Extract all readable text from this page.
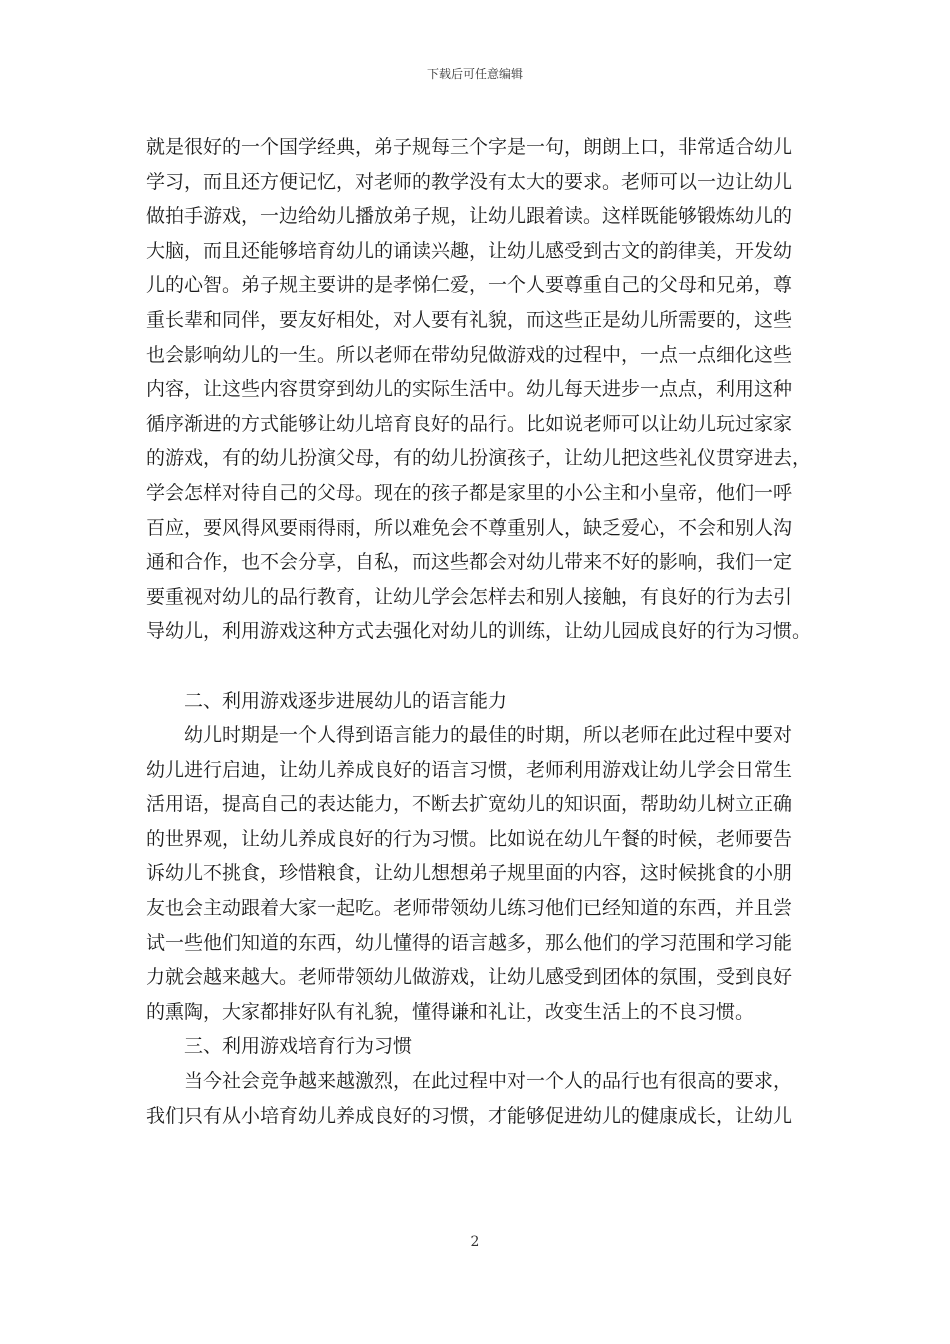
下载后可任意编辑
就是很好的一个国学经典，弟子规每三个字是一句，朗朗上口，非常适合幼儿
学习，而且还方便记忆，对老师的教学没有太大的要求。老师可以一边让幼儿
做拍手游戏，一边给幼儿播放弟子规，让幼儿跟着读。这样既能够锻炼幼儿的
大脑，而且还能够培育幼儿的诵读兴趣，让幼儿感受到古文的韵律美，开发幼
儿的心智。弟子规主要讲的是孝悌仁爱，一个人要尊重自己的父母和兄弟，尊
重长辈和同伴，要友好相处，对人要有礼貌，而这些正是幼儿所需要的，这些
也会影响幼儿的一生。所以老师在带幼兒做游戏的过程中，一点一点细化这些
内容，让这些内容贯穿到幼儿的实际生活中。幼儿每天进步一点点，利用这种
循序渐进的方式能够让幼儿培育良好的品行。比如说老师可以让幼儿玩过家家
的游戏，有的幼儿扮演父母，有的幼儿扮演孩子，让幼儿把这些礼仪贯穿进去，
学会怎样对待自己的父母。现在的孩子都是家里的小公主和小皇帝，他们一呼
百应，要风得风要雨得雨，所以难免会不尊重别人，缺乏爱心，不会和别人沟
通和合作，也不会分享，自私，而这些都会对幼儿带来不好的影响，我们一定
要重视对幼儿的品行教育，让幼儿学会怎样去和别人接触，有良好的行为去引
导幼儿，利用游戏这种方式去强化对幼儿的训练，让幼儿园成良好的行为习惯。
二、利用游戏逐步进展幼儿的语言能力
幼儿时期是一个人得到语言能力的最佳的时期，所以老师在此过程中要对
幼儿进行启迪，让幼儿养成良好的语言习惯，老师利用游戏让幼儿学会日常生
活用语，提高自己的表达能力，不断去扩宽幼儿的知识面，帮助幼儿树立正确
的世界观，让幼儿养成良好的行为习惯。比如说在幼儿午餐的时候，老师要告
诉幼儿不挑食，珍惜粮食，让幼儿想想弟子规里面的内容，这时候挑食的小朋
友也会主动跟着大家一起吃。老师带领幼儿练习他们已经知道的东西，并且尝
试一些他们知道的东西，幼儿懂得的语言越多，那么他们的学习范围和学习能
力就会越来越大。老师带领幼儿做游戏，让幼儿感受到团体的氛围，受到良好
的熏陶，大家都排好队有礼貌，懂得谦和礼让，改变生活上的不良习惯。
三、利用游戏培育行为习惯
当今社会竞争越来越激烈，在此过程中对一个人的品行也有很高的要求，
我们只有从小培育幼儿养成良好的习惯，才能够促进幼儿的健康成长，让幼儿
2
